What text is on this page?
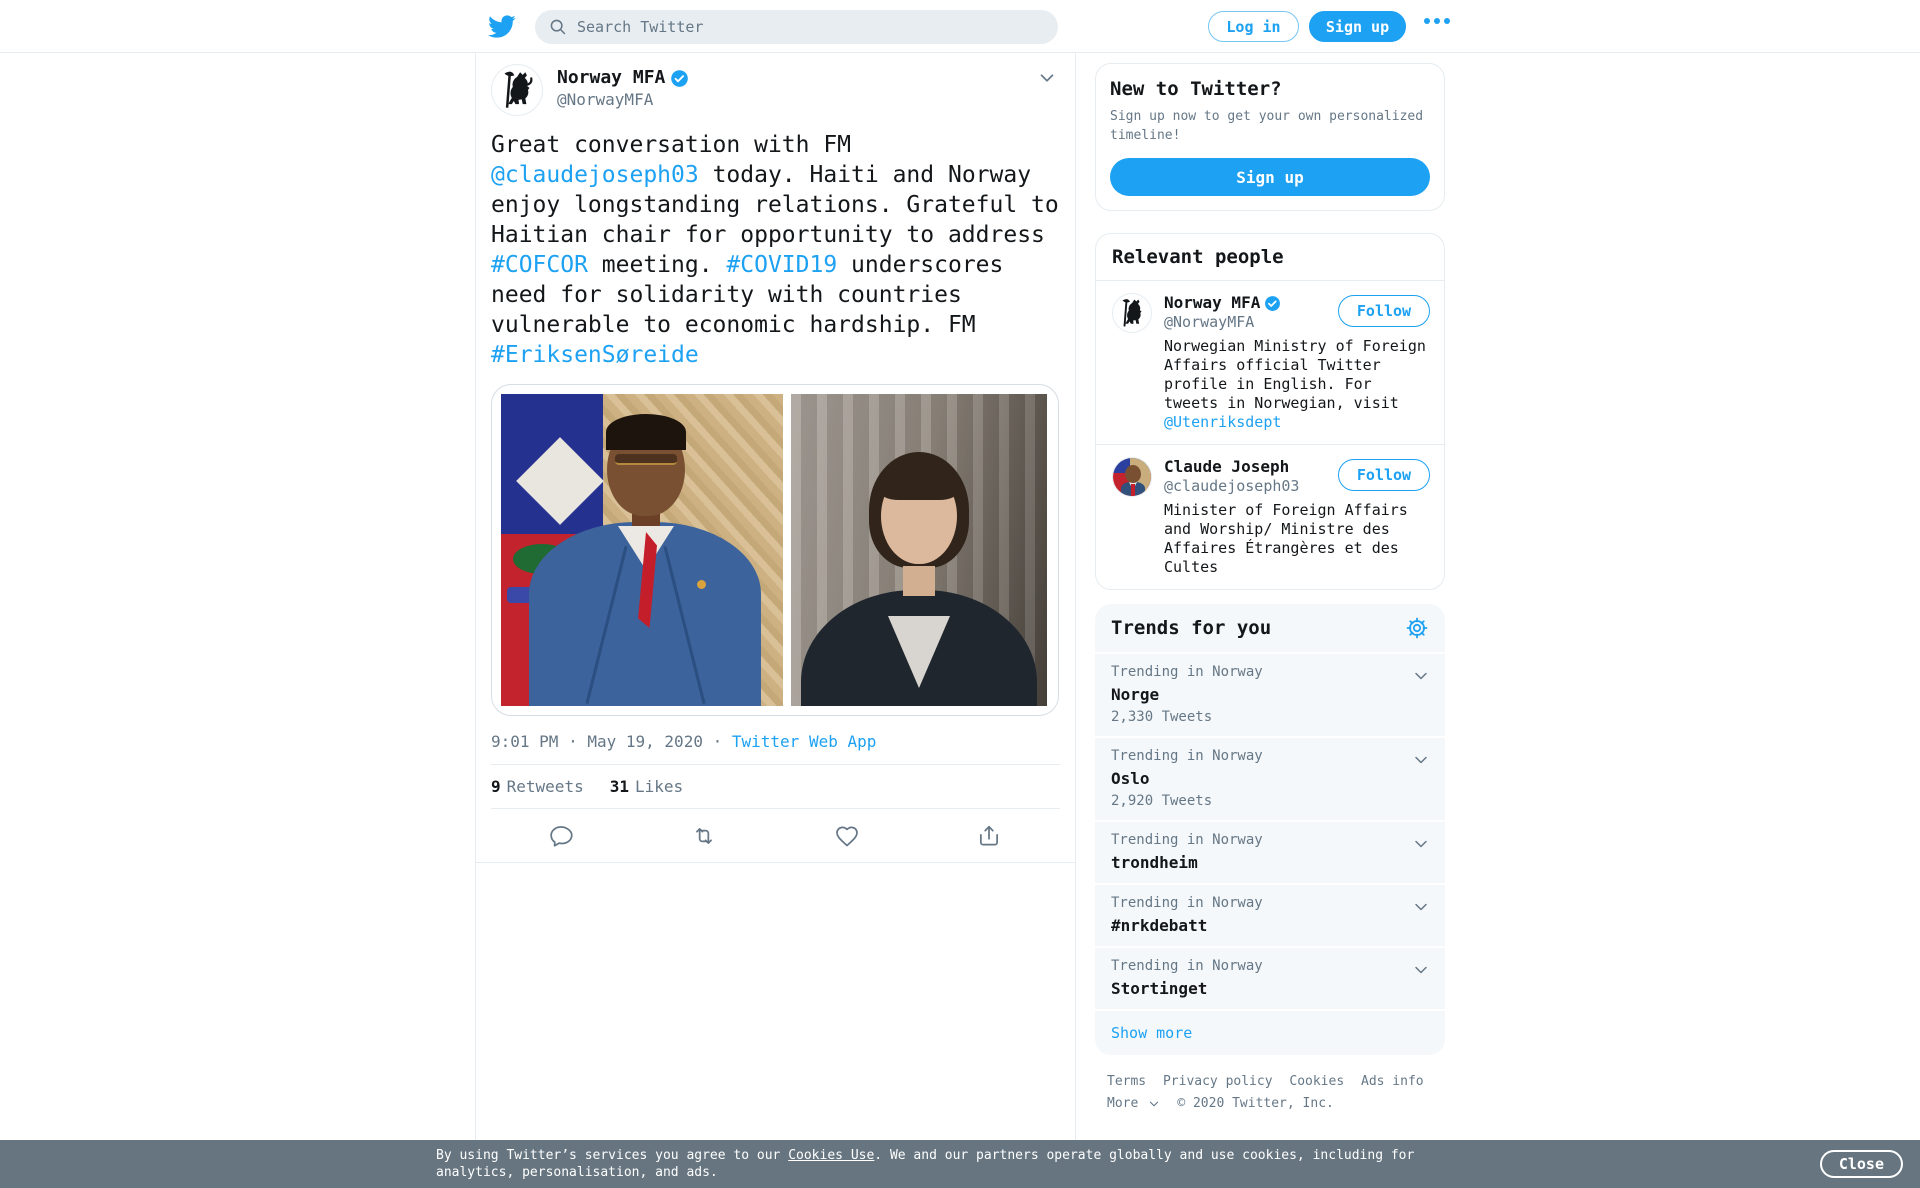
Search Twitter
Log in	Sign up
Norway MFA
@NorwayMFA

Great conversation with FM @claudejoseph03 today. Haiti and Norway enjoy longstanding relations. Grateful to Haitian chair for opportunity to address #COFCOR meeting. #COVID19 underscores need for solidarity with countries vulnerable to economic hardship. FM #EriksenSøreide

9:01 PM · May 19, 2020 · Twitter Web App
9 Retweets 31 Likes
New to Twitter?

Sign up now to get your own personalized timeline!

Sign up
Relevant people
Norway MFA
@NorwayMFA
Norwegian Ministry of Foreign Affairs official Twitter profile in English. For tweets in Norwegian, visit @Utenriksdept
Follow
Claude Joseph
@claudejoseph03
Minister of Foreign Affairs and Worship/ Ministre des Affaires Étrangères et des Cultes
Follow
Trends for you
Trending in Norway
Norge
2,330 Tweets
Trending in Norway
Oslo
2,920 Tweets
Trending in Norway
trondheim
Trending in Norway
#nrkdebatt
Trending in Norway
Stortinget
Show more
Terms Privacy policy Cookies Ads info
More	© 2020 Twitter, Inc.
By using Twitter’s services you agree to our Cookies Use. We and our partners operate globally and use cookies, including for analytics, personalisation, and ads.	Close
